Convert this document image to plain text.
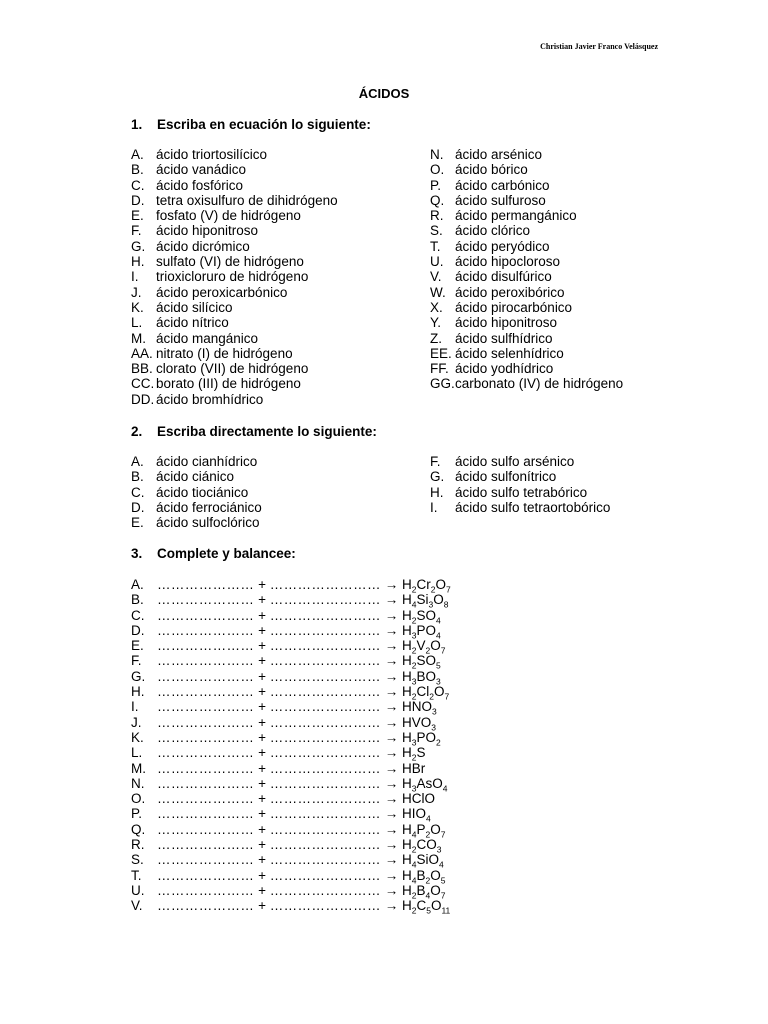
Christian Javier Franco Velásquez
ÁCIDOS
1. Escriba en ecuación lo siguiente:
A. ácido triortosilícico
B. ácido vanádico
C. ácido fosfórico
D. tetra oxisulfuro de dihidrógeno
E. fosfato (V) de hidrógeno
F. ácido hiponitroso
G. ácido dicrómico
H. sulfato (VI) de hidrógeno
I. trioxicloruro de hidrógeno
J. ácido peroxicarbónico
K. ácido silícico
L. ácido nítrico
M. ácido mangánico
AA. nitrato (I) de hidrógeno
BB. clorato (VII) de hidrógeno
CC. borato (III) de hidrógeno
DD. ácido bromhídrico
N. ácido arsénico
O. ácido bórico
P. ácido carbónico
Q. ácido sulfuroso
R. ácido permangánico
S. ácido clórico
T. ácido peryódico
U. ácido hipocloroso
V. ácido disulfúrico
W. ácido peroxibórico
X. ácido pirocarbónico
Y. ácido hiponitroso
Z. ácido sulfhídrico
EE. ácido selenhídrico
FF. ácido yodhídrico
GG.carbonato (IV) de hidrógeno
2. Escriba directamente lo siguiente:
A. ácido cianhídrico
B. ácido ciánico
C. ácido tiociánico
D. ácido ferrociánico
E. ácido sulfoclórico
F. ácido sulfo arsénico
G. ácido sulfonítrico
H. ácido sulfo tetrabórico
I. ácido sulfo tetraortobórico
3. Complete y balancee:
A. ………………… + …………………… → $H_2Cr_2O_7$
B. ………………… + …………………… → $H_4Si_3O_8$
C. ………………… + …………………… → $H_2SO_4$
D. ………………… + …………………… → $H_3PO_4$
E. ………………… + …………………… → $H_2V_2O_7$
F. ………………… + …………………… → $H_2SO_5$
G. ………………… + …………………… → $H_3BO_3$
H. ………………… + …………………… → $H_2Cl_2O_7$
I. ………………… + …………………… → $HNO_3$
J. ………………… + …………………… → $HVO_3$
K. ………………… + …………………… → $H_3PO_2$
L. ………………… + …………………… → $H_2S$
M. ………………… + …………………… → HBr
N. ………………… + …………………… → $H_3AsO_4$
O. ………………… + …………………… → HClO
P. ………………… + …………………… → $HIO_4$
Q. ………………… + …………………… → $H_4P_2O_7$
R. ………………… + …………………… → $H_2CO_3$
S. ………………… + …………………… → $H_4SiO_4$
T. ………………… + …………………… → $H_4B_2O_5$
U. ………………… + …………………… → $H_2B_4O_7$
V. ………………… + …………………… → $H_2C_5O_{11}$
